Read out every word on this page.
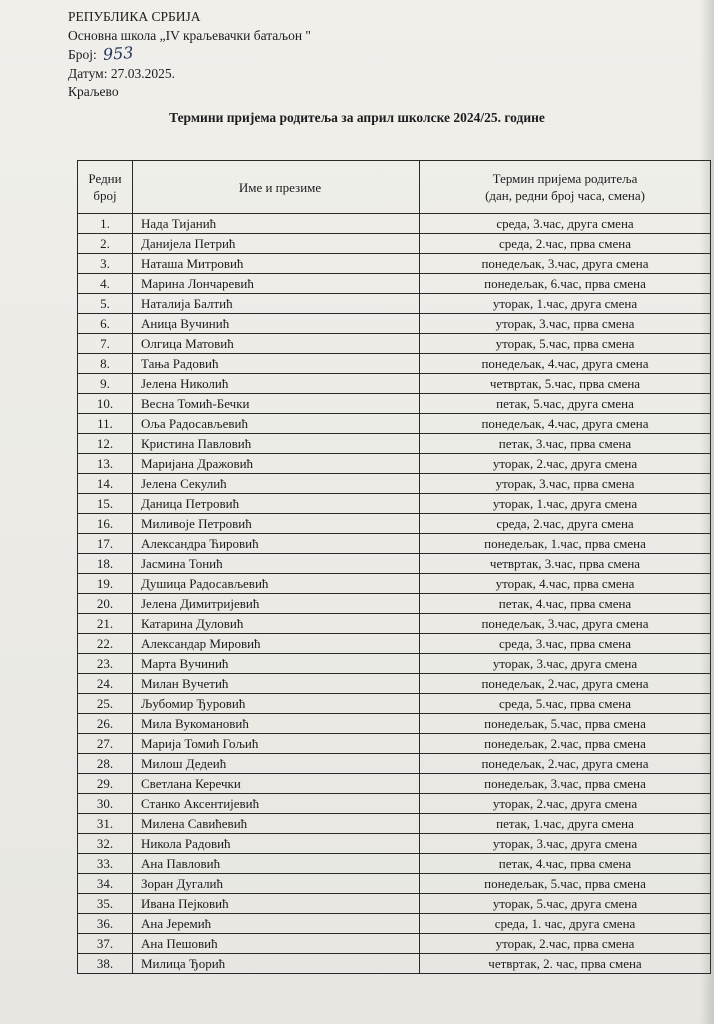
РЕПУБЛИКА СРБИЈА
Основна школа „IV краљевачки батаљон "
Број: 953
Датум: 27.03.2025.
Краљево
Термини пријема родитеља за април школске 2024/25. године
Редни
број	Име и презиме	Термин пријема родитеља
(дан, редни број часа, смена)
1.	Нада Тијанић	среда, 3.час, друга смена
2.	Данијела Петрић	среда, 2.час, прва смена
3.	Наташа Митровић	понедељак, 3.час, друга смена
4.	Марина Лончаревић	понедељак, 6.час, прва смена
5.	Наталија Балтић	уторак, 1.час, друга смена
6.	Аница Вучинић	уторак, 3.час, прва смена
7.	Олгица Матовић	уторак, 5.час, прва смена
8.	Тања Радовић	понедељак, 4.час, друга смена
9.	Јелена Николић	четвртак, 5.час, прва смена
10.	Весна Томић-Бечки	петак, 5.час, друга смена
11.	Оља Радосављевић	понедељак, 4.час, друга смена
12.	Кристина Павловић	петак, 3.час, прва смена
13.	Маријана Дражовић	уторак, 2.час, друга смена
14.	Јелена Секулић	уторак, 3.час, прва смена
15.	Даница Петровић	уторак, 1.час, друга смена
16.	Миливоје Петровић	среда, 2.час, друга смена
17.	Александра Ћировић	понедељак, 1.час, прва смена
18.	Јасмина Тонић	четвртак, 3.час, прва смена
19.	Душица Радосављевић	уторак, 4.час, прва смена
20.	Јелена Димитријевић	петак, 4.час, прва смена
21.	Катарина Дуловић	понедељак, 3.час, друга смена
22.	Александар Мировић	среда, 3.час, прва смена
23.	Марта Вучинић	уторак, 3.час, друга смена
24.	Милан Вучетић	понедељак, 2.час, друга смена
25.	Љубомир Ђуровић	среда, 5.час, прва смена
26.	Мила Вукомановић	понедељак, 5.час, прва смена
27.	Марија Томић Гољић	понедељак, 2.час, прва смена
28.	Милош Дедеић	понедељак, 2.час, друга смена
29.	Светлана Керечки	понедељак, 3.час, прва смена
30.	Станко Аксентијевић	уторак, 2.час, друга смена
31.	Милена Савићевић	петак, 1.час, друга смена
32.	Никола Радовић	уторак, 3.час, друга смена
33.	Ана Павловић	петак, 4.час, прва смена
34.	Зоран Дугалић	понедељак, 5.час, прва смена
35.	Ивана Пејковић	уторак, 5.час, друга смена
36.	Ана Јеремић	среда, 1. час, друга смена
37.	Ана Пешовић	уторак, 2.час, прва смена
38.	Милица Ђорић	четвртак, 2. час, прва смена
